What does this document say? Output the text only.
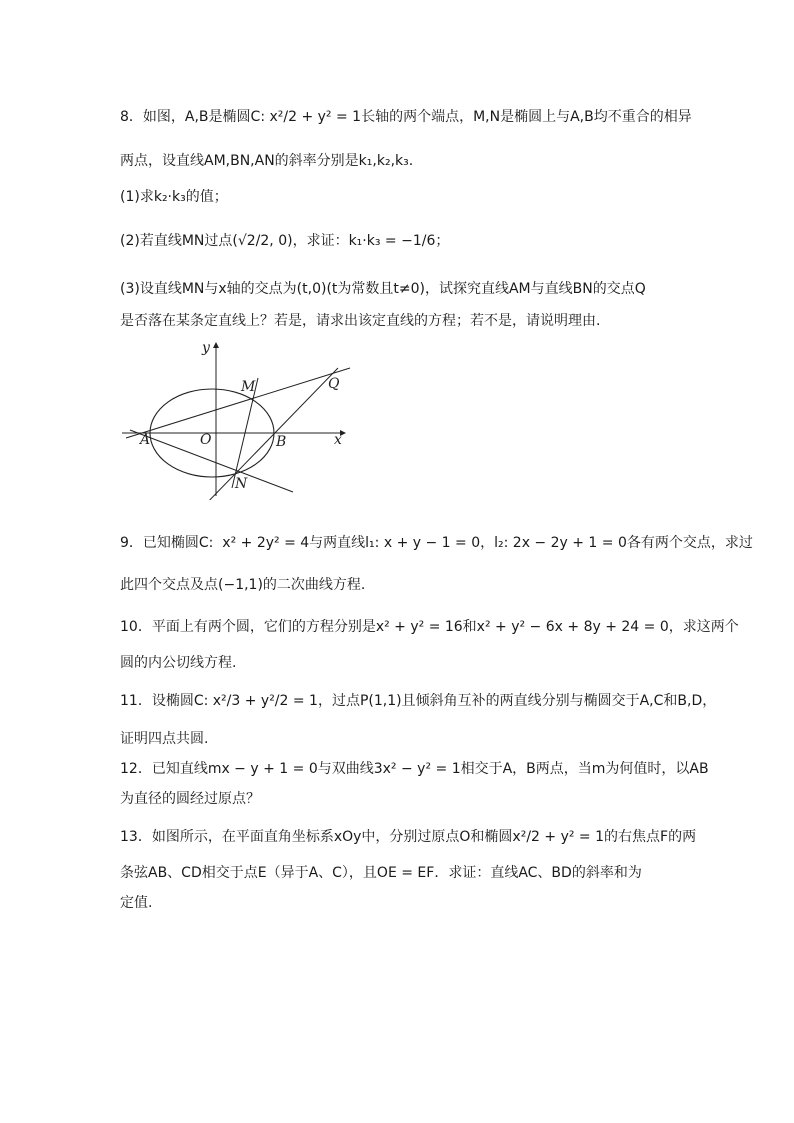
8．如图，A,B是椭圆C: x²/2 + y² = 1长轴的两个端点，M,N是椭圆上与A,B均不重合的相异
两点，设直线AM,BN,AN的斜率分别是k₁,k₂,k₃.
(1)求k₂·k₃的值；
(2)若直线MN过点(√2/2, 0)，求证：k₁·k₃ = −1/6；
(3)设直线MN与x轴的交点为(t,0)(t为常数且t≠0)，试探究直线AM与直线BN的交点Q
是否落在某条定直线上？若是，请求出该定直线的方程；若不是，请说明理由.
y
x
M	Q
A	O	B
N
9．已知椭圆C:  x² + 2y² = 4与两直线l₁: x + y − 1 = 0，l₂: 2x − 2y + 1 = 0各有两个交点，求过
此四个交点及点(−1,1)的二次曲线方程.
10．平面上有两个圆，它们的方程分别是x² + y² = 16和x² + y² − 6x + 8y + 24 = 0，求这两个
圆的内公切线方程.
11．设椭圆C: x²/3 + y²/2 = 1，过点P(1,1)且倾斜角互补的两直线分别与椭圆交于A,C和B,D，
证明四点共圆.
12．已知直线mx − y + 1 = 0与双曲线3x² − y² = 1相交于A，B两点，当m为何值时，以AB
为直径的圆经过原点？
13．如图所示，在平面直角坐标系xOy中，分别过原点O和椭圆x²/2 + y² = 1的右焦点F的两
条弦AB、CD相交于点E（异于A、C），且OE = EF．求证：直线AC、BD的斜率和为
定值.
